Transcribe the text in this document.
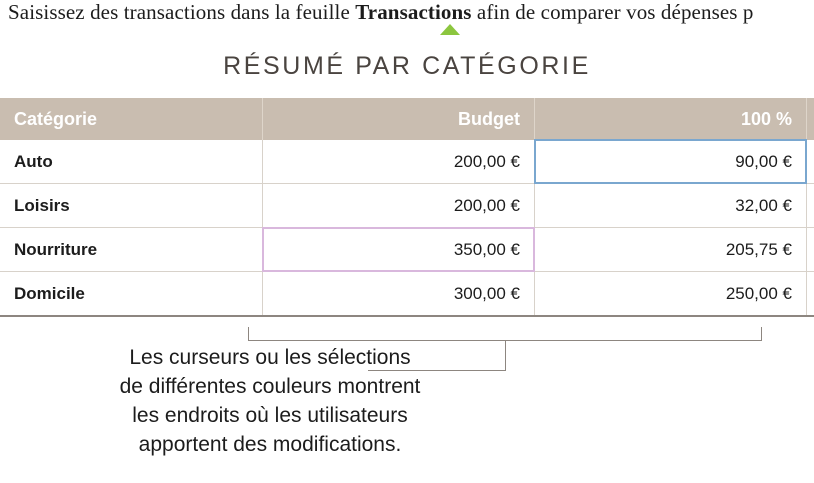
Saisissez des transactions dans la feuille Transactions afin de comparer vos dépenses p
RÉSUMÉ PAR CATÉGORIE
Catégorie	Budget	100 %	
Auto	200,00 €	90,00 €

Loisirs	200,00 €	32,00 €	
Nourriture	350,00 €	205,75 €	
Domicile	300,00 €	250,00 €	
Les curseurs ou les sélections
de différentes couleurs montrent
les endroits où les utilisateurs
apportent des modifications.
